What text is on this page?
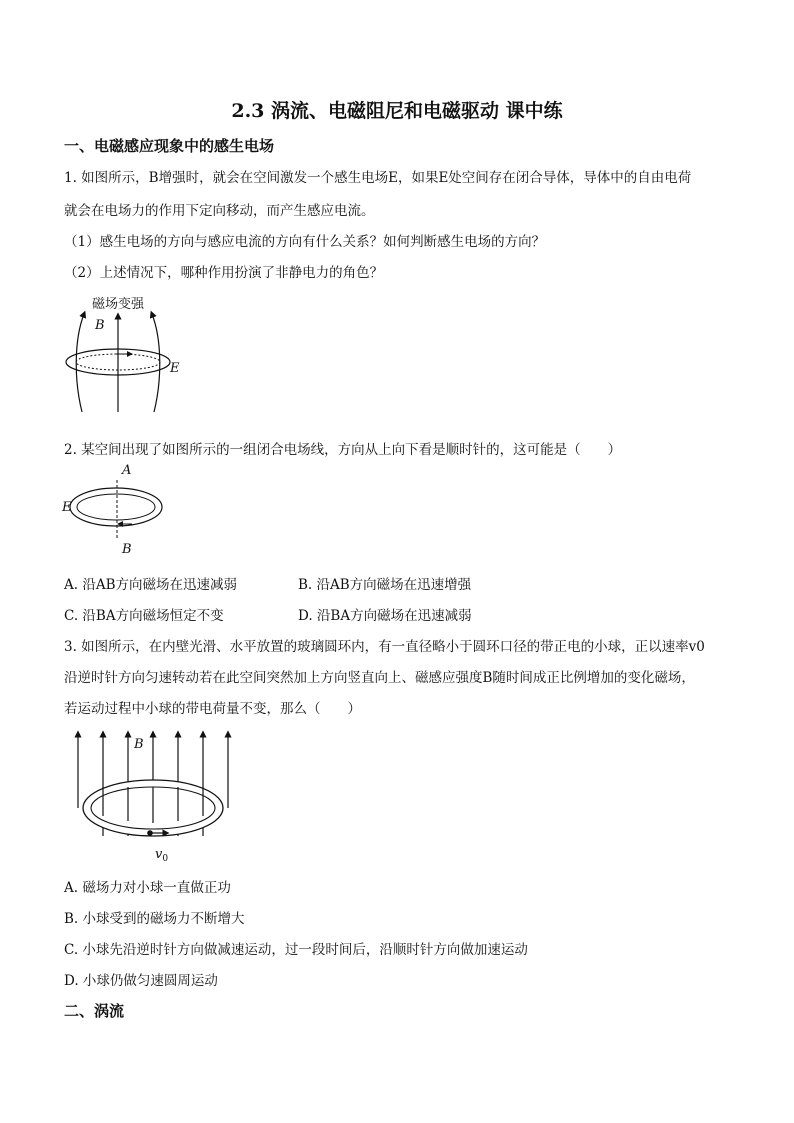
2.3 涡流、电磁阻尼和电磁驱动 课中练
一、电磁感应现象中的感生电场
1. 如图所示，B增强时，就会在空间激发一个感生电场E，如果E处空间存在闭合导体，导体中的自由电荷
就会在电场力的作用下定向移动，而产生感应电流。
（1）感生电场的方向与感应电流的方向有什么关系？如何判断感生电场的方向？
（2）上述情况下，哪种作用扮演了非静电力的角色？
磁场变强
B
E
2. 某空间出现了如图所示的一组闭合电场线，方向从上向下看是顺时针的，这可能是（　　）
A
B
E
A. 沿AB方向磁场在迅速减弱	B. 沿AB方向磁场在迅速增强
C. 沿BA方向磁场恒定不变	D. 沿BA方向磁场在迅速减弱
3. 如图所示，在内壁光滑、水平放置的玻璃圆环内，有一直径略小于圆环口径的带正电的小球，正以速率v0
沿逆时针方向匀速转动若在此空间突然加上方向竖直向上、磁感应强度B随时间成正比例增加的变化磁场，
若运动过程中小球的带电荷量不变，那么（　　）
B
$v_0$
A. 磁场力对小球一直做正功
B. 小球受到的磁场力不断增大
C. 小球先沿逆时针方向做减速运动，过一段时间后，沿顺时针方向做加速运动
D. 小球仍做匀速圆周运动
二、涡流
